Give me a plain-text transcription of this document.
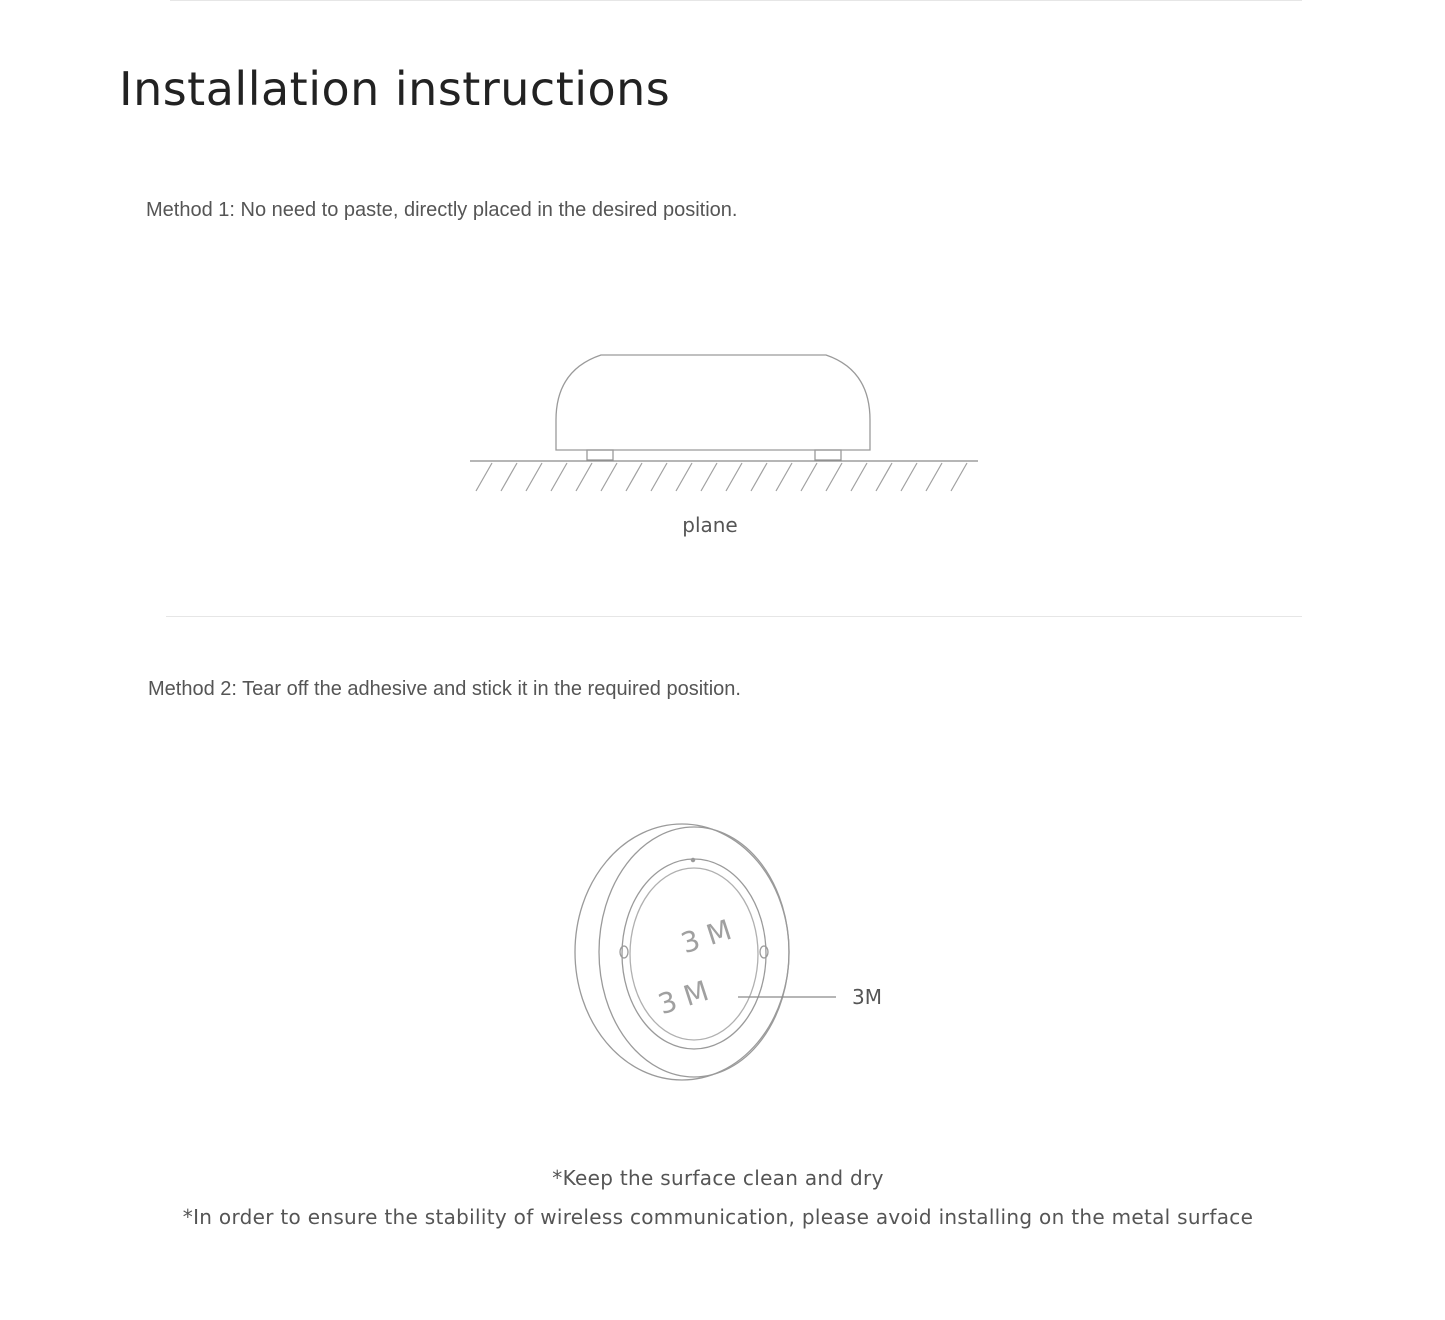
Installation instructions
Method 1: No need to paste, directly placed in the desired position.
plane
Method 2: Tear off the adhesive and stick it in the required position.
3 M
3 M	3M
*Keep the surface clean and dry
*In order to ensure the stability of wireless communication, please avoid installing on the metal surface
